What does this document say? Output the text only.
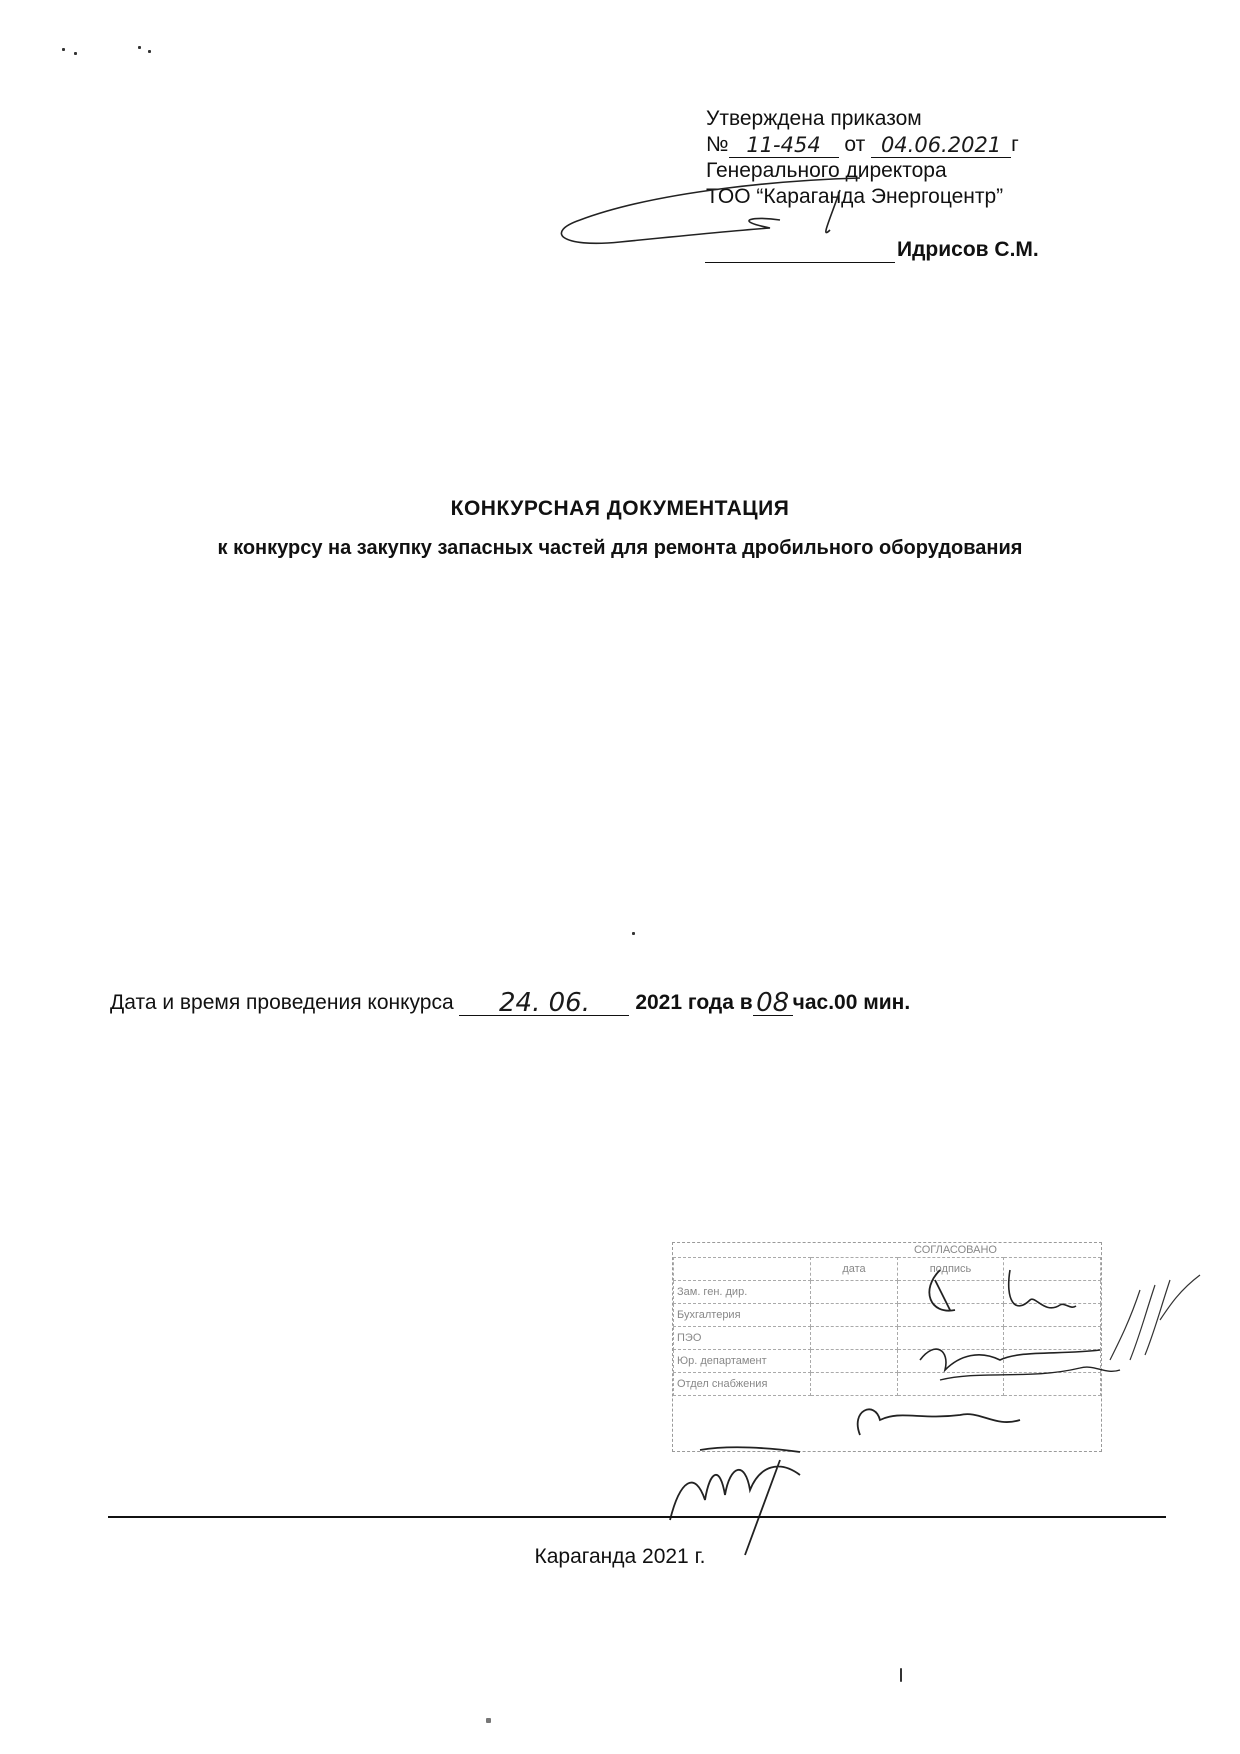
Утверждена приказом
№ 11-454 от 04.06.2021 г
Генерального директора
ТОО “Караганда Энергоцентр”
Идрисов С.М.
КОНКУРСНАЯ ДОКУМЕНТАЦИЯ
к конкурсу на закупку запасных частей для ремонта дробильного оборудования
Дата и время проведения конкурса 24. 06. 2021 года в 08 час.00 мин.
	СОГЛАСОВАНО		
	дата	подпись	
Зам. ген. дир.			
Бухгалтерия			
ПЭО			
Юр. департамент			
Отдел снабжения			
Караганда 2021 г.
